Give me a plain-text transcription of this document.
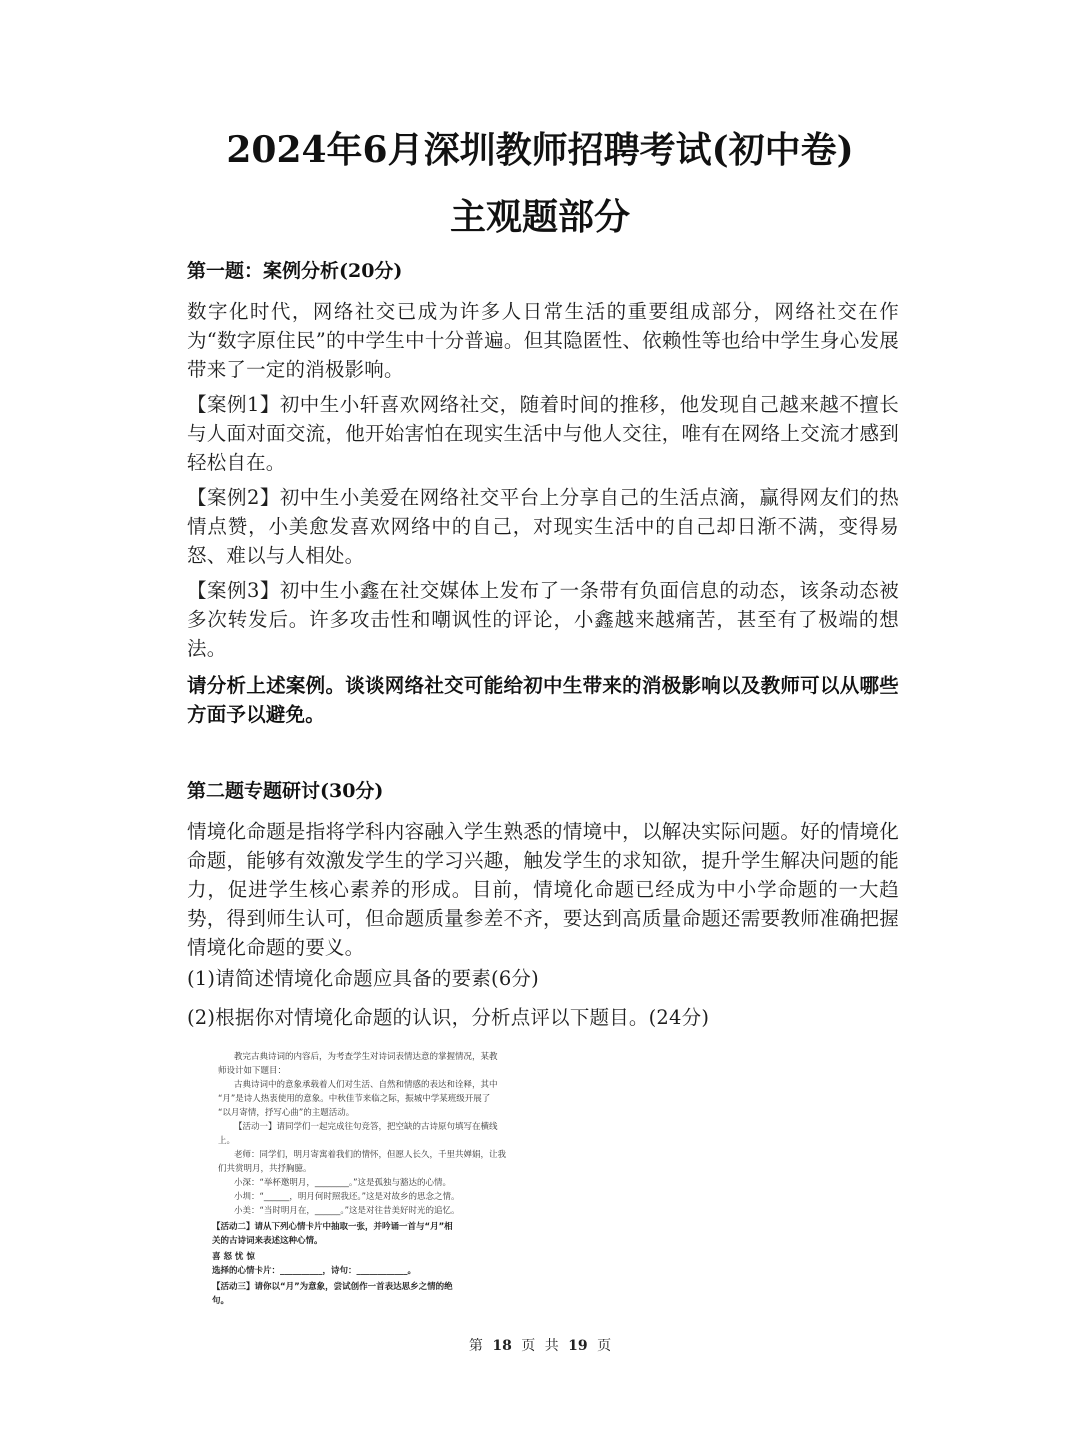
2024年6月深圳教师招聘考试(初中卷)
主观题部分
第一题：案例分析(20分)
数字化时代，网络社交已成为许多人日常生活的重要组成部分，网络社交在作为“数字原住民”的中学生中十分普遍。但其隐匿性、依赖性等也给中学生身心发展带来了一定的消极影响。
【案例1】初中生小轩喜欢网络社交，随着时间的推移，他发现自己越来越不擅长与人面对面交流，他开始害怕在现实生活中与他人交往，唯有在网络上交流才感到轻松自在。
【案例2】初中生小美爱在网络社交平台上分享自己的生活点滴，赢得网友们的热情点赞，小美愈发喜欢网络中的自己，对现实生活中的自己却日渐不满，变得易怒、难以与人相处。
【案例3】初中生小鑫在社交媒体上发布了一条带有负面信息的动态，该条动态被多次转发后。许多攻击性和嘲讽性的评论，小鑫越来越痛苦，甚至有了极端的想法。
请分析上述案例。谈谈网络社交可能给初中生带来的消极影响以及教师可以从哪些方面予以避免。
第二题专题研讨(30分)
情境化命题是指将学科内容融入学生熟悉的情境中，以解决实际问题。好的情境化命题，能够有效激发学生的学习兴趣，触发学生的求知欲，提升学生解决问题的能力，促进学生核心素养的形成。目前，情境化命题已经成为中小学命题的一大趋势，得到师生认可，但命题质量参差不齐，要达到高质量命题还需要教师准确把握情境化命题的要义。
(1)请简述情境化命题应具备的要素(6分)
(2)根据你对情境化命题的认识，分析点评以下题目。(24分)
教完古典诗词的内容后，为考查学生对诗词表情达意的掌握情况，某教
师设计如下题目：
古典诗词中的意象承载着人们对生活、自然和情感的表达和诠释，其中
“月”是诗人热衷使用的意象。中秋佳节来临之际，振城中学某班级开展了
“以月寄情，抒写心曲”的主题活动。
【活动一】请同学们一起完成往句竞答，把空缺的古诗原句填写在横线
上。
老师：同学们，明月寄寓着我们的情怀，但愿人长久，千里共婵娟，让我
们共赏明月，共抒胸臆。
小深：“举杯邀明月，________。”这是孤独与豁达的心情。
小圳：“______，明月何时照我还。”这是对故乡的思念之情。
小美：“当时明月在，______。”这是对往昔美好时光的追忆。
【活动二】请从下列心情卡片中抽取一张，并吟诵一首与“月”相
关的古诗词来表述这种心情。
喜 怒 忧 惊
选择的心情卡片：__________，诗句：____________。
【活动三】请你以“月”为意象，尝试创作一首表达思乡之情的绝
句。
第 18 页 共 19 页
